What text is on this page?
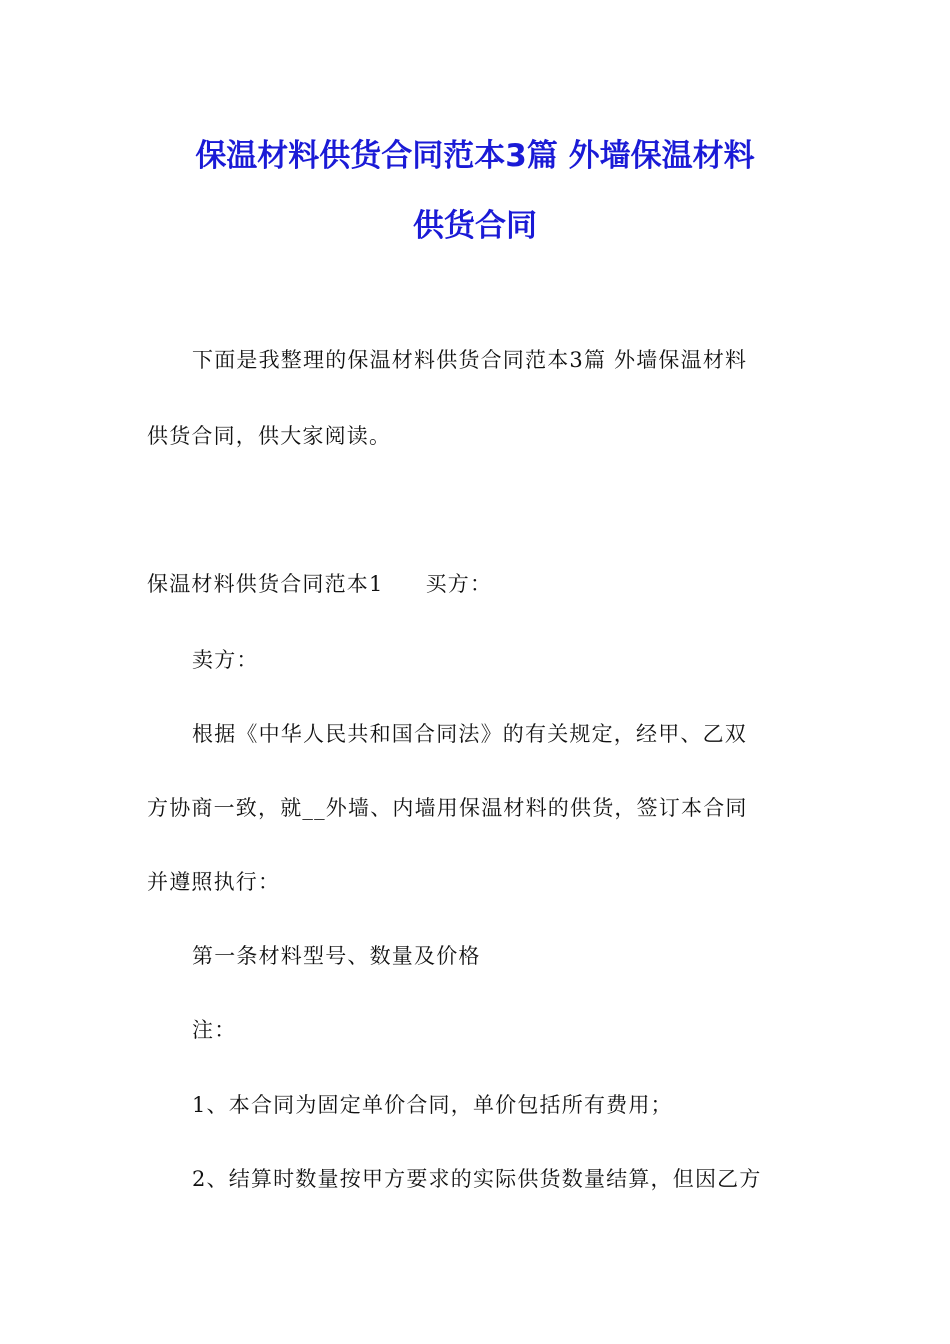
保温材料供货合同范本3篇 外墙保温材料
供货合同
下面是我整理的保温材料供货合同范本3篇 外墙保温材料
供货合同，供大家阅读。
保温材料供货合同范本1 买方：
卖方：
根据《中华人民共和国合同法》的有关规定，经甲、乙双
方协商一致，就__外墙、内墙用保温材料的供货，签订本合同
并遵照执行：
第一条材料型号、数量及价格
注：
1、本合同为固定单价合同，单价包括所有费用；
2、结算时数量按甲方要求的实际供货数量结算，但因乙方
